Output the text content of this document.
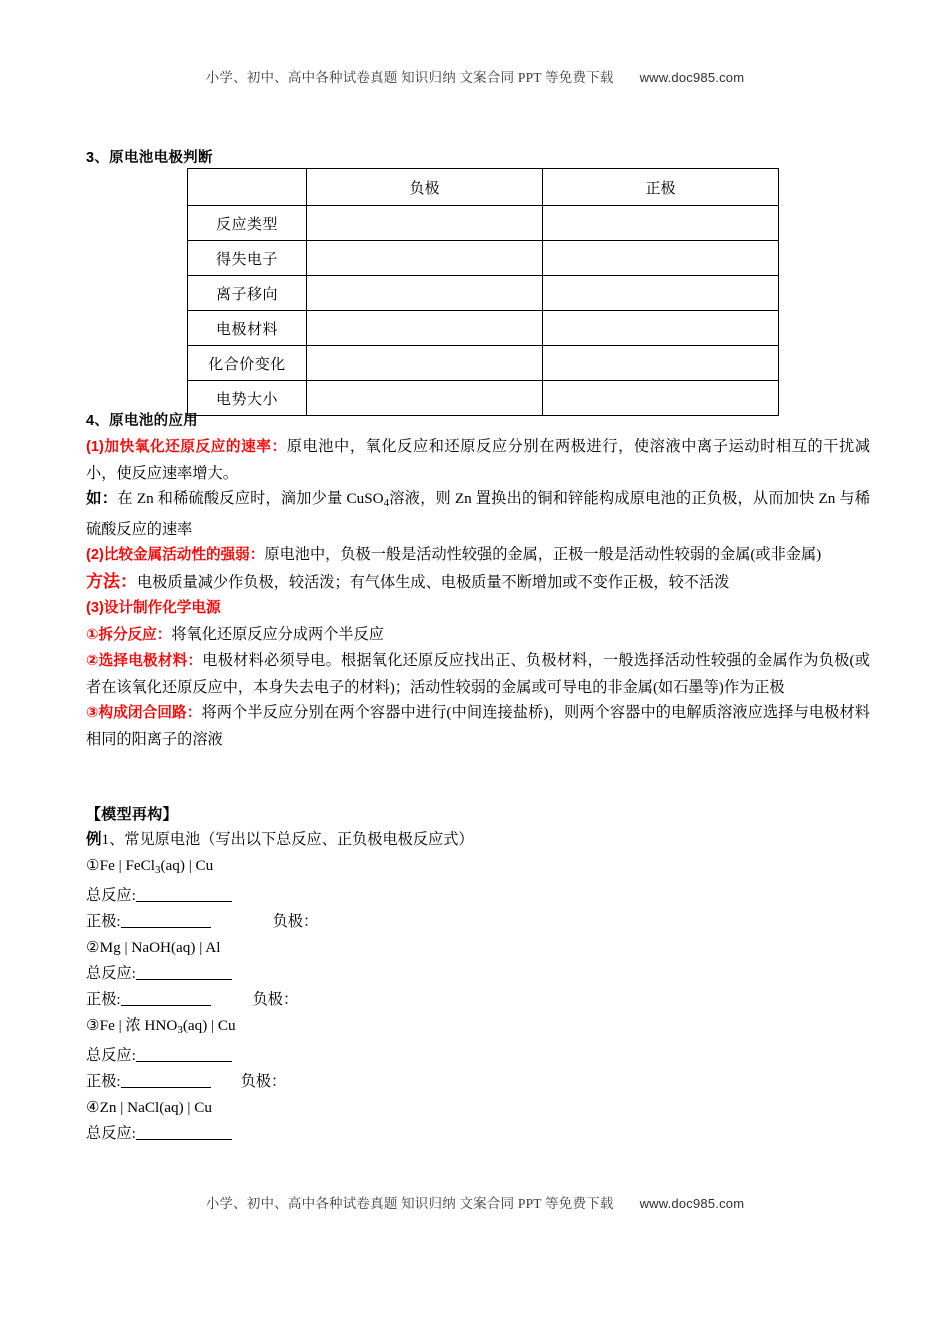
小学、初中、高中各种试卷真题 知识归纳 文案合同 PPT 等免费下载 www.doc985.com
3、原电池电极判断
	负极	正极
反应类型		
得失电子		
离子移向		
电极材料		
化合价变化		
电势大小		
4、原电池的应用

(1)加快氧化还原反应的速率：原电池中，氧化反应和还原反应分别在两极进行，使溶液中离子运动时相互的干扰减小，使反应速率增大。

如：在 Zn 和稀硫酸反应时，滴加少量 CuSO$_4$溶液，则 Zn 置换出的铜和锌能构成原电池的正负极，从而加快 Zn 与稀硫酸反应的速率

(2)比较金属活动性的强弱：原电池中，负极一般是活动性较强的金属，正极一般是活动性较弱的金属(或非金属)

方法：电极质量减少作负极，较活泼；有气体生成、电极质量不断增加或不变作正极，较不活泼

(3)设计制作化学电源

①拆分反应：将氧化还原反应分成两个半反应

②选择电极材料：电极材料必须导电。根据氧化还原反应找出正、负极材料，一般选择活动性较强的金属作为负极(或者在该氧化还原反应中，本身失去电子的材料)；活动性较弱的金属或可导电的非金属(如石墨等)作为正极

③构成闭合回路：将两个半反应分别在两个容器中进行(中间连接盐桥)，则两个容器中的电解质溶液应选择与电极材料相同的阳离子的溶液

【模型再构】

例1、常见原电池（写出以下总反应、正负极电极反应式）

①Fe | FeCl$_3$(aq) | Cu

总反应:

正极:	负极：

②Mg | NaOH(aq) | Al

总反应:

正极:	负极：

③Fe | 浓 $HNO_3(aq)$ | Cu

总反应:

正极:	负极：

④Zn | NaCl(aq) | Cu

总反应:

小学、初中、高中各种试卷真题 知识归纳 文案合同 PPT 等免费下载 www.doc985.com
